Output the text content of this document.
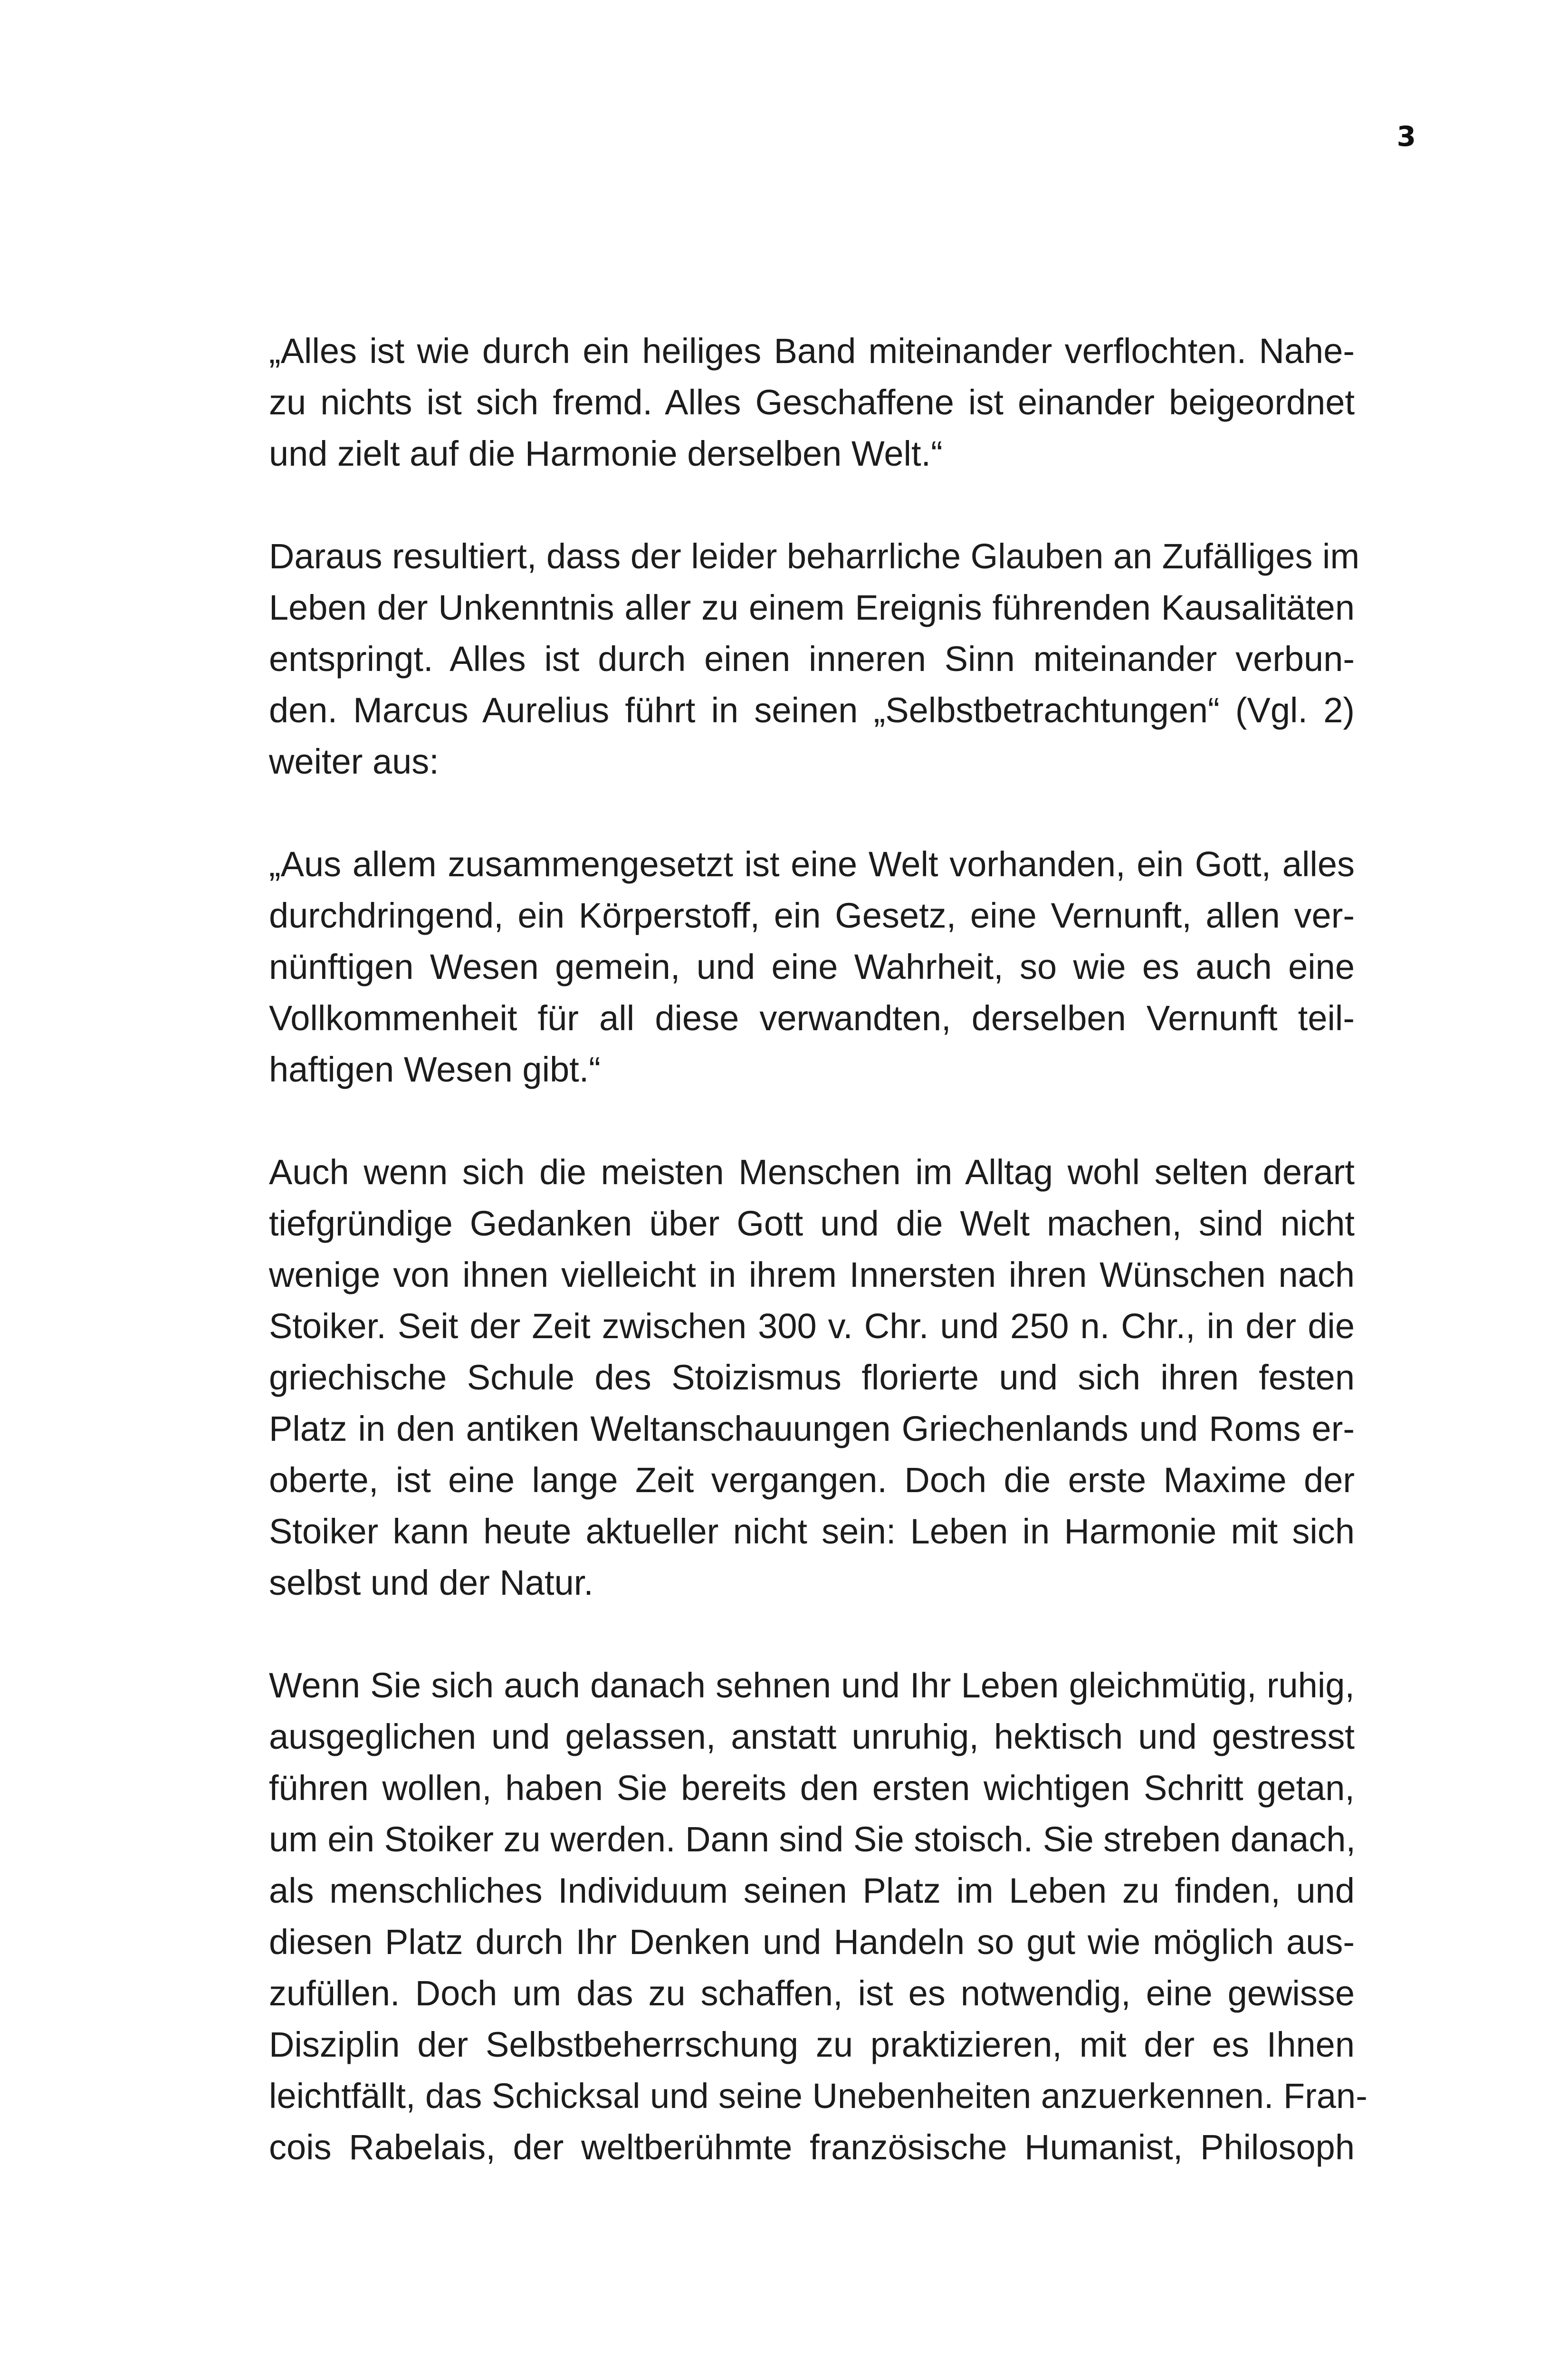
3
„Alles ist wie durch ein heiliges Band miteinander verflochten. Nahe-
zu nichts ist sich fremd. Alles Geschaffene ist einander beigeordnet
und zielt auf die Harmonie derselben Welt.“
Daraus resultiert, dass der leider beharrliche Glauben an Zufälliges im
Leben der Unkenntnis aller zu einem Ereignis führenden Kausalitäten
entspringt. Alles ist durch einen inneren Sinn miteinander verbun-
den. Marcus Aurelius führt in seinen „Selbstbetrachtungen“ (Vgl. 2)
weiter aus:
„Aus allem zusammengesetzt ist eine Welt vorhanden, ein Gott, alles
durchdringend, ein Körperstoff, ein Gesetz, eine Vernunft, allen ver-
nünftigen Wesen gemein, und eine Wahrheit, so wie es auch eine
Vollkommenheit für all diese verwandten, derselben Vernunft teil-
haftigen Wesen gibt.“
Auch wenn sich die meisten Menschen im Alltag wohl selten derart
tiefgründige Gedanken über Gott und die Welt machen, sind nicht
wenige von ihnen vielleicht in ihrem Innersten ihren Wünschen nach
Stoiker. Seit der Zeit zwischen 300 v. Chr. und 250 n. Chr., in der die
griechische Schule des Stoizismus florierte und sich ihren festen
Platz in den antiken Weltanschauungen Griechenlands und Roms er-
oberte, ist eine lange Zeit vergangen. Doch die erste Maxime der
Stoiker kann heute aktueller nicht sein: Leben in Harmonie mit sich
selbst und der Natur.
Wenn Sie sich auch danach sehnen und Ihr Leben gleichmütig, ruhig,
ausgeglichen und gelassen, anstatt unruhig, hektisch und gestresst
führen wollen, haben Sie bereits den ersten wichtigen Schritt getan,
um ein Stoiker zu werden. Dann sind Sie stoisch. Sie streben danach,
als menschliches Individuum seinen Platz im Leben zu finden, und
diesen Platz durch Ihr Denken und Handeln so gut wie möglich aus-
zufüllen. Doch um das zu schaffen, ist es notwendig, eine gewisse
Disziplin der Selbstbeherrschung zu praktizieren, mit der es Ihnen
leichtfällt, das Schicksal und seine Unebenheiten anzuerkennen. Fran-
cois Rabelais, der weltberühmte französische Humanist, Philosoph
